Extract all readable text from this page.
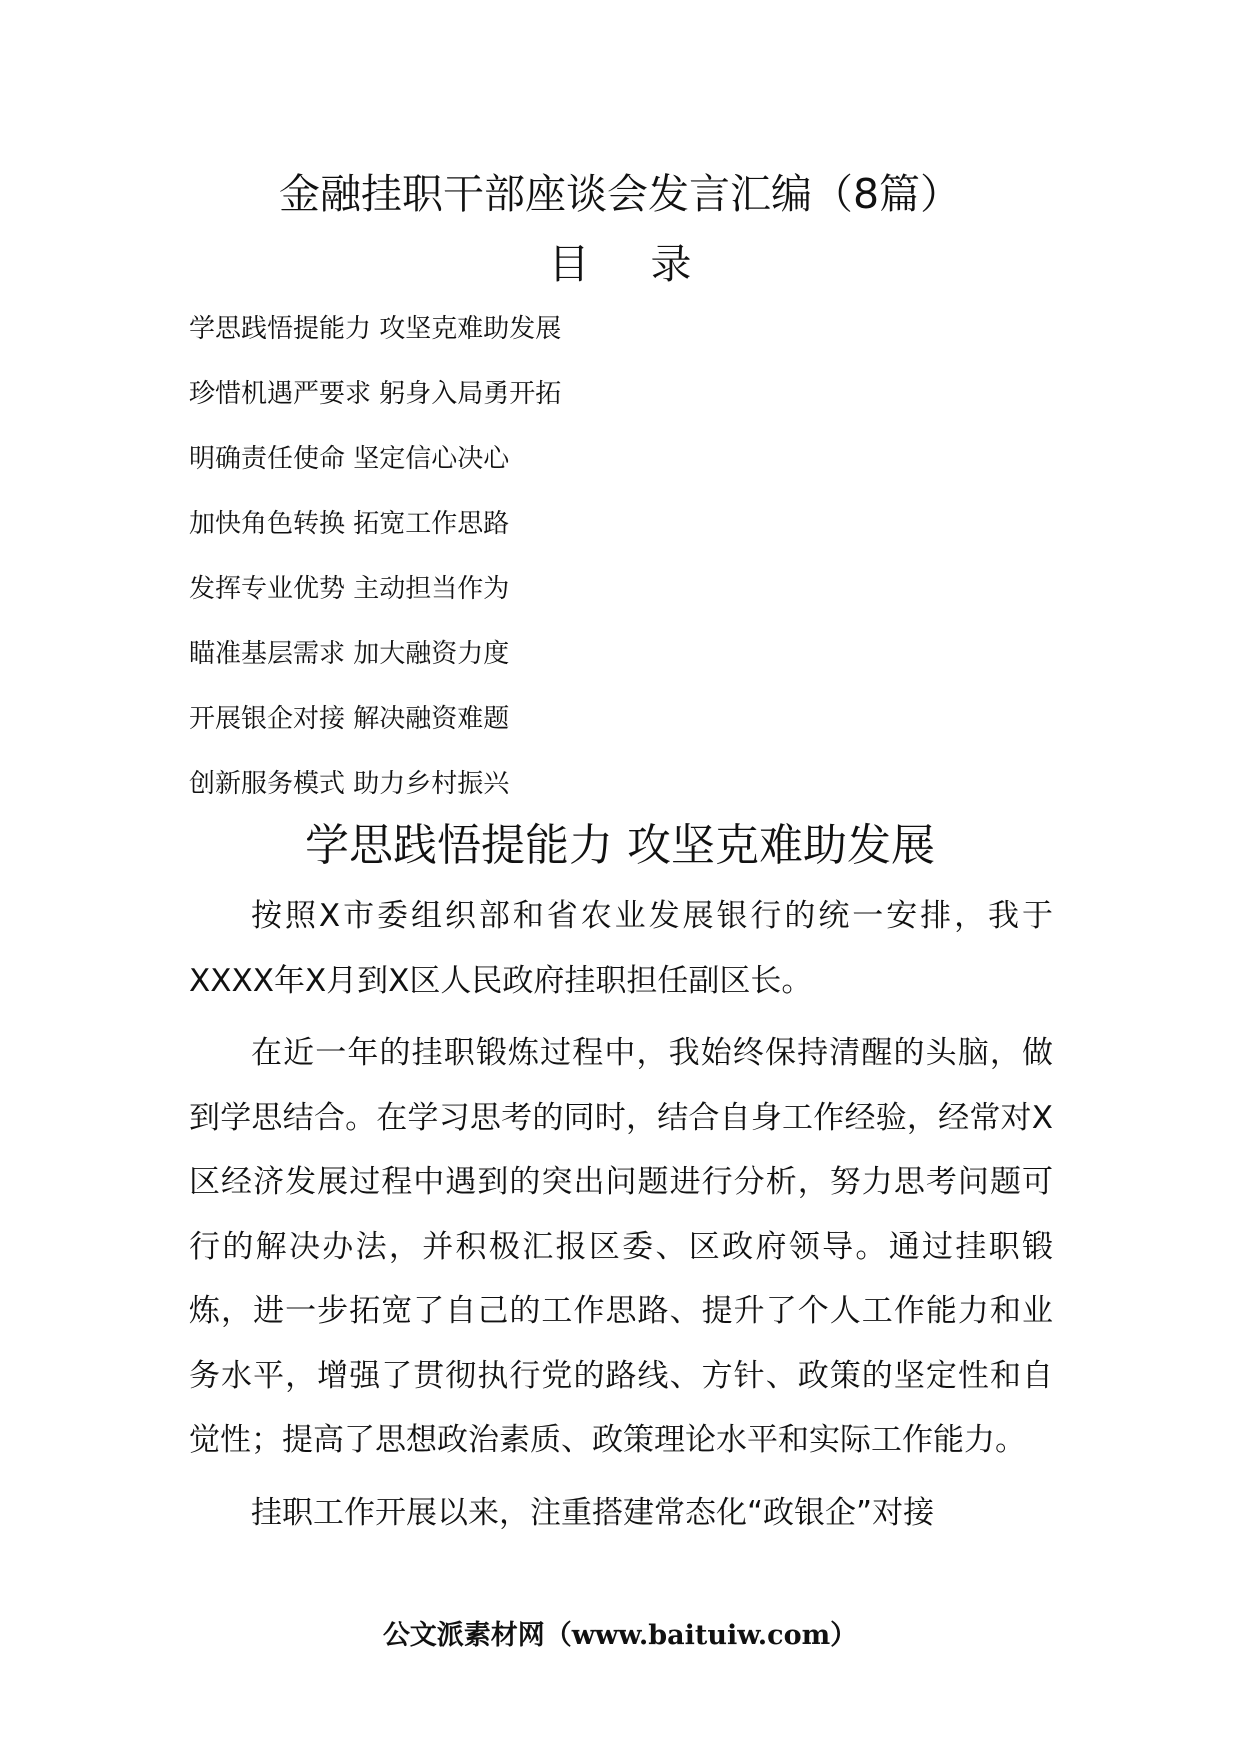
金融挂职干部座谈会发言汇编（8篇）
目 录
学思践悟提能力 攻坚克难助发展
珍惜机遇严要求 躬身入局勇开拓
明确责任使命 坚定信心决心
加快角色转换 拓宽工作思路
发挥专业优势 主动担当作为
瞄准基层需求 加大融资力度
开展银企对接 解决融资难题
创新服务模式 助力乡村振兴
学思践悟提能力 攻坚克难助发展

按照X市委组织部和省农业发展银行的统一安排，我于XXXX年X月到X区人民政府挂职担任副区长。

在近一年的挂职锻炼过程中，我始终保持清醒的头脑，做到学思结合。在学习思考的同时，结合自身工作经验，经常对X区经济发展过程中遇到的突出问题进行分析，努力思考问题可行的解决办法，并积极汇报区委、区政府领导。通过挂职锻炼，进一步拓宽了自己的工作思路、提升了个人工作能力和业务水平，增强了贯彻执行党的路线、方针、政策的坚定性和自觉性；提高了思想政治素质、政策理论水平和实际工作能力。

挂职工作开展以来，注重搭建常态化“政银企”对接

公文派素材网（www.baituiw.com）
